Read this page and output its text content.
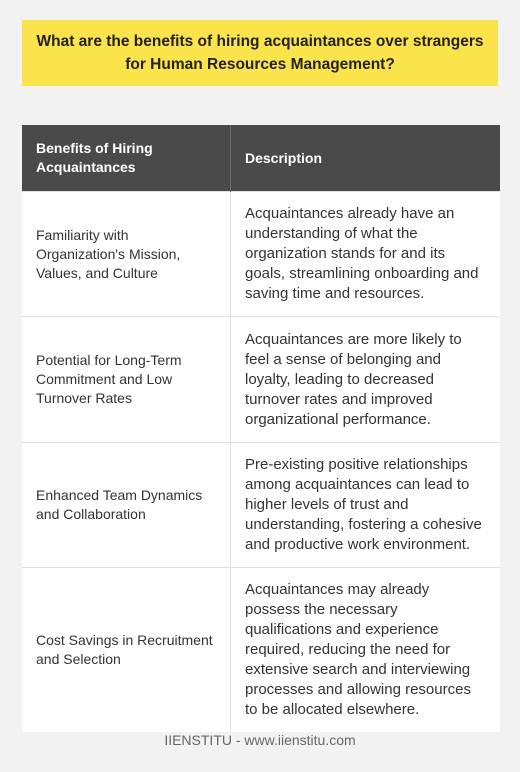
What are the benefits of hiring acquaintances over strangers for Human Resources Management?
Benefits of Hiring Acquaintances	Description
Familiarity with Organization's Mission, Values, and Culture	Acquaintances already have an understanding of what the organization stands for and its goals, streamlining onboarding and saving time and resources.
Potential for Long-Term Commitment and Low Turnover Rates	Acquaintances are more likely to feel a sense of belonging and loyalty, leading to decreased turnover rates and improved organizational performance.
Enhanced Team Dynamics and Collaboration	Pre-existing positive relationships among acquaintances can lead to higher levels of trust and understanding, fostering a cohesive and productive work environment.
Cost Savings in Recruitment and Selection	Acquaintances may already possess the necessary qualifications and experience required, reducing the need for extensive search and interviewing processes and allowing resources to be allocated elsewhere.
IIENSTITU - www.iienstitu.com
